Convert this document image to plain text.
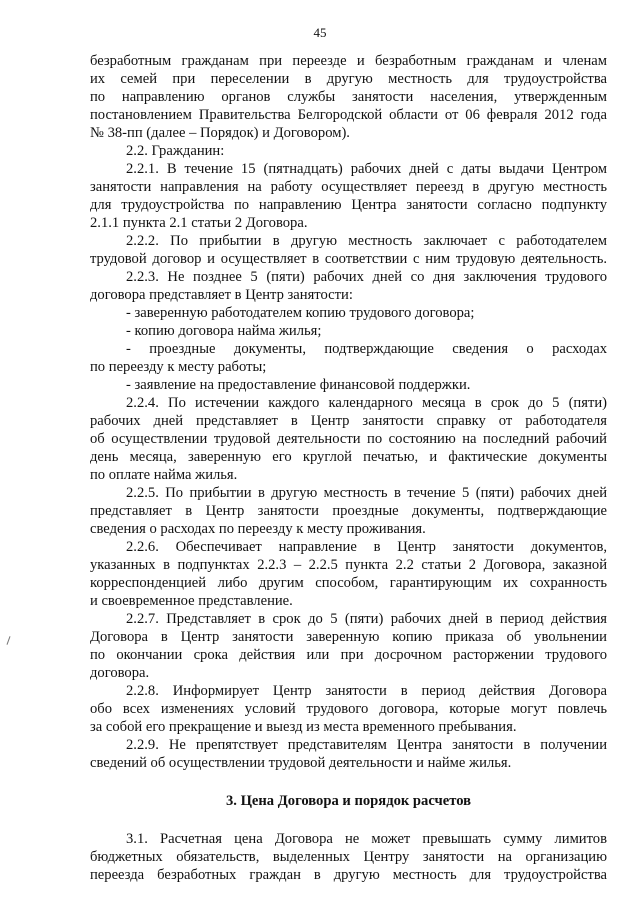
45
безработным гражданам при переезде и безработным гражданам и членам
их семей при переселении в другую местность для трудоустройства
по направлению органов службы занятости населения, утвержденным
постановлением Правительства Белгородской области от 06 февраля 2012 года
№ 38-пп (далее – Порядок) и Договором).
2.2. Гражданин:
2.2.1. В течение 15 (пятнадцать) рабочих дней с даты выдачи Центром
занятости направления на работу осуществляет переезд в другую местность
для трудоустройства по направлению Центра занятости согласно подпункту
2.1.1 пункта 2.1 статьи 2 Договора.
2.2.2. По прибытии в другую местность заключает с работодателем
трудовой договор и осуществляет в соответствии с ним трудовую деятельность.
2.2.3. Не позднее 5 (пяти) рабочих дней со дня заключения трудового
договора представляет в Центр занятости:
- заверенную работодателем копию трудового договора;
- копию договора найма жилья;
- проездные документы, подтверждающие сведения о расходах
по переезду к месту работы;
- заявление на предоставление финансовой поддержки.
2.2.4. По истечении каждого календарного месяца в срок до 5 (пяти)
рабочих дней представляет в Центр занятости справку от работодателя
об осуществлении трудовой деятельности по состоянию на последний рабочий
день месяца, заверенную его круглой печатью, и фактические документы
по оплате найма жилья.
2.2.5. По прибытии в другую местность в течение 5 (пяти) рабочих дней
представляет в Центр занятости проездные документы, подтверждающие
сведения о расходах по переезду к месту проживания.
2.2.6. Обеспечивает направление в Центр занятости документов,
указанных в подпунктах 2.2.3 – 2.2.5 пункта 2.2 статьи 2 Договора, заказной
корреспонденцией либо другим способом, гарантирующим их сохранность
и своевременное представление.
2.2.7. Представляет в срок до 5 (пяти) рабочих дней в период действия
Договора в Центр занятости заверенную копию приказа об увольнении
по окончании срока действия или при досрочном расторжении трудового
договора.
2.2.8. Информирует Центр занятости в период действия Договора
обо всех изменениях условий трудового договора, которые могут повлечь
за собой его прекращение и выезд из места временного пребывания.
2.2.9. Не препятствует представителям Центра занятости в получении
сведений об осуществлении трудовой деятельности и найме жилья.
3. Цена Договора и порядок расчетов
3.1. Расчетная цена Договора не может превышать сумму лимитов
бюджетных обязательств, выделенных Центру занятости на организацию
переезда безработных граждан в другую местность для трудоустройства
